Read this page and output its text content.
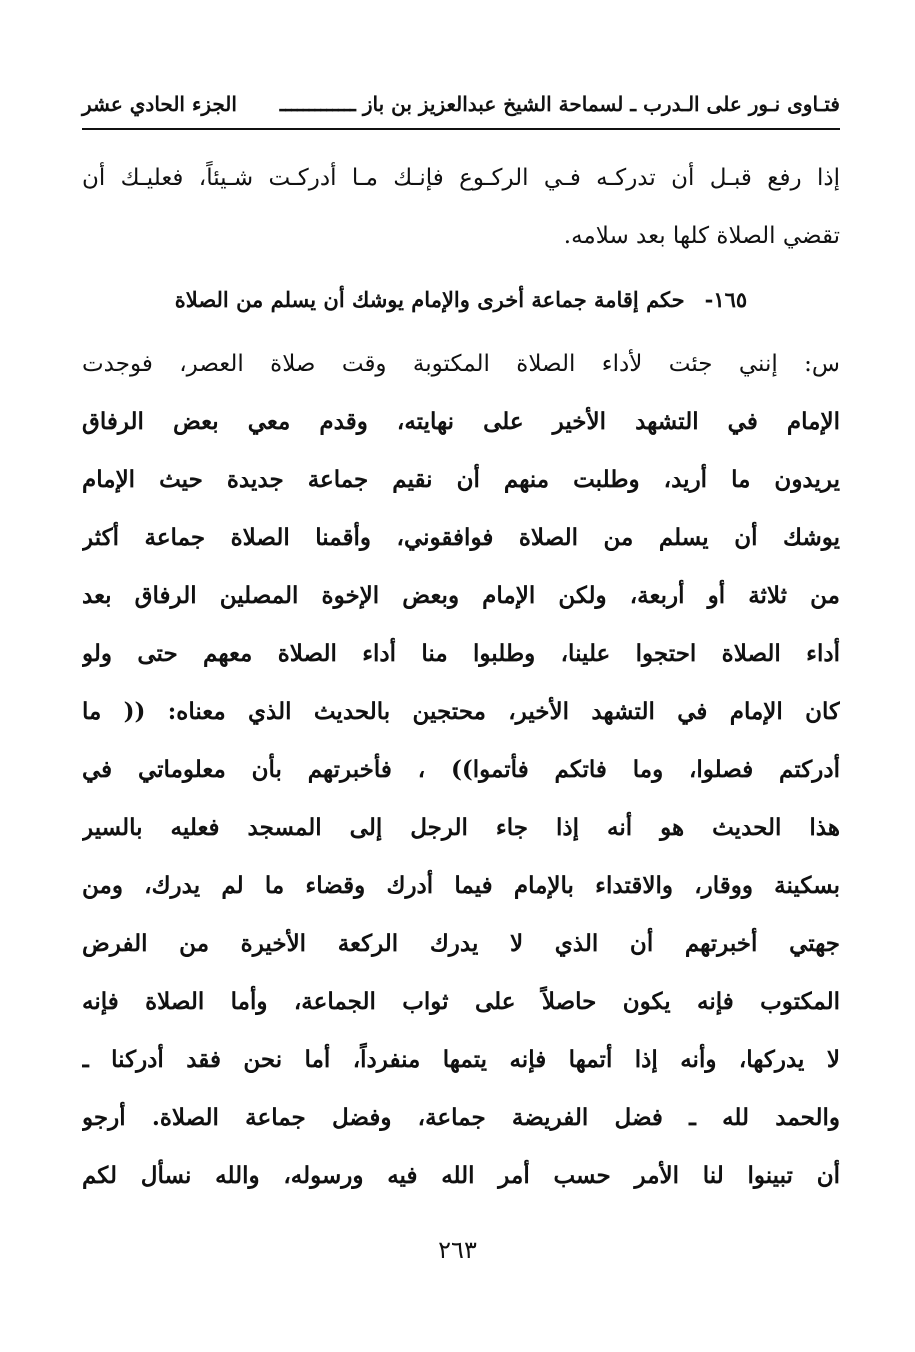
فتـاوى نـور على الـدرب ـ لسماحة الشيخ عبدالعزيز بن باز ـــــــــــــ
الجزء الحادي عشر
إذا رفع قبـل أن تدركـه فـي الركـوع فإنـك مـا أدركـت شـيئاً، فعليـك أن
تقضي الصلاة كلها بعد سلامه.
١٦٥-حكم إقامة جماعة أخرى والإمام يوشك أن يسلم من الصلاة
س: إنني جئت لأداء الصلاة المكتوبة وقت صلاة العصر، فوجدت
الإمام في التشهد الأخير على نهايته، وقدم معي بعض الرفاق
يريدون ما أريد، وطلبت منهم أن نقيم جماعة جديدة حيث الإمام
يوشك أن يسلم من الصلاة فوافقوني، وأقمنا الصلاة جماعة أكثر
من ثلاثة أو أربعة، ولكن الإمام وبعض الإخوة المصلين الرفاق بعد
أداء الصلاة احتجوا علينا، وطلبوا منا أداء الصلاة معهم حتى ولو
كان الإمام في التشهد الأخير، محتجين بالحديث الذي معناه: (( ما
أدركتم فصلوا، وما فاتكم فأتموا)) ، فأخبرتهم بأن معلوماتي في
هذا الحديث هو أنه إذا جاء الرجل إلى المسجد فعليه بالسير
بسكينة ووقار، والاقتداء بالإمام فيما أدرك وقضاء ما لم يدرك، ومن
جهتي أخبرتهم أن الذي لا يدرك الركعة الأخيرة من الفرض
المكتوب فإنه يكون حاصلاً على ثواب الجماعة، وأما الصلاة فإنه
لا يدركها، وأنه إذا أتمها فإنه يتمها منفرداً، أما نحن فقد أدركنا ـ
والحمد لله ـ فضل الفريضة جماعة، وفضل جماعة الصلاة. أرجو
أن تبينوا لنا الأمر حسب أمر الله فيه ورسوله، والله نسأل لكم
٢٦٣
